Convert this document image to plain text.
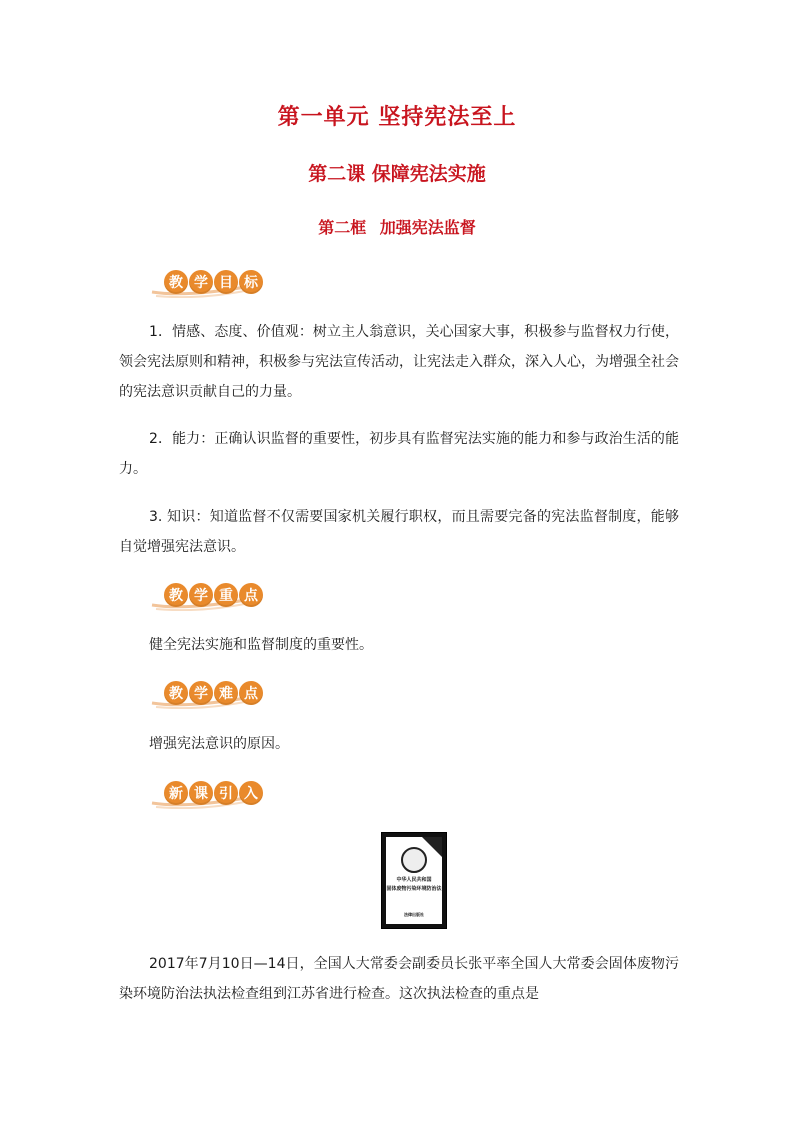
第一单元 坚持宪法至上
第二课 保障宪法实施
第二框 加强宪法监督
教 学 目 标
1．情感、态度、价值观：树立主人翁意识，关心国家大事，积极参与监督权力行使，领会宪法原则和精神，积极参与宪法宣传活动，让宪法走入群众，深入人心，为增强全社会的宪法意识贡献自己的力量。
2．能力：正确认识监督的重要性，初步具有监督宪法实施的能力和参与政治生活的能力。
3. 知识：知道监督不仅需要国家机关履行职权，而且需要完备的宪法监督制度，能够自觉增强宪法意识。
教 学 重 点
健全宪法实施和监督制度的重要性。
教 学 难 点
增强宪法意识的原因。
新 课 引 入
中华人民共和国
固体废物污染环境防治法
法律出版社
2017年7月10日—14日，全国人大常委会副委员长张平率全国人大常委会固体废物污染环境防治法执法检查组到江苏省进行检查。这次执法检查的重点是
